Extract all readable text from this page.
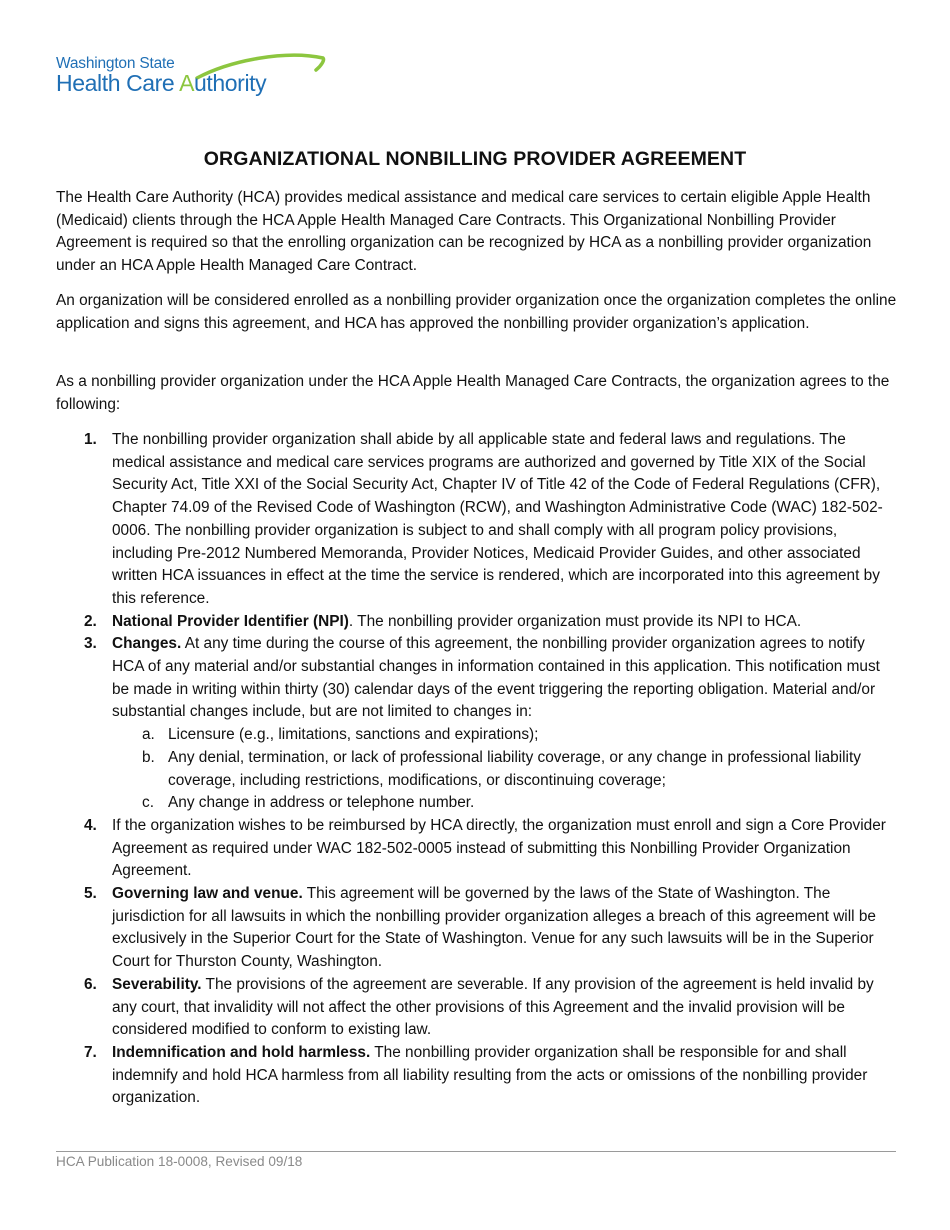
Washington State
Health Care Authority
ORGANIZATIONAL NONBILLING PROVIDER AGREEMENT

The Health Care Authority (HCA) provides medical assistance and medical care services to certain eligible Apple Health (Medicaid) clients through the HCA Apple Health Managed Care Contracts. This Organizational Nonbilling Provider Agreement is required so that the enrolling organization can be recognized by HCA as a nonbilling provider organization under an HCA Apple Health Managed Care Contract.

An organization will be considered enrolled as a nonbilling provider organization once the organization completes the online application and signs this agreement, and HCA has approved the nonbilling provider organization’s application.

As a nonbilling provider organization under the HCA Apple Health Managed Care Contracts, the organization agrees to the following:

1. The nonbilling provider organization shall abide by all applicable state and federal laws and regulations. The medical assistance and medical care services programs are authorized and governed by Title XIX of the Social Security Act, Title XXI of the Social Security Act, Chapter IV of Title 42 of the Code of Federal Regulations (CFR), Chapter 74.09 of the Revised Code of Washington (RCW), and Washington Administrative Code (WAC) 182-502-0006. The nonbilling provider organization is subject to and shall comply with all program policy provisions, including Pre-2012 Numbered Memoranda, Provider Notices, Medicaid Provider Guides, and other associated written HCA issuances in effect at the time the service is rendered, which are incorporated into this agreement by this reference.
2. National Provider Identifier (NPI). The nonbilling provider organization must provide its NPI to HCA.
3. Changes. At any time during the course of this agreement, the nonbilling provider organization agrees to notify HCA of any material and/or substantial changes in information contained in this application. This notification must be made in writing within thirty (30) calendar days of the event triggering the reporting obligation. Material and/or substantial changes include, but are not limited to changes in:
a. Licensure (e.g., limitations, sanctions and expirations);
b. Any denial, termination, or lack of professional liability coverage, or any change in professional liability coverage, including restrictions, modifications, or discontinuing coverage;
c. Any change in address or telephone number.
4. If the organization wishes to be reimbursed by HCA directly, the organization must enroll and sign a Core Provider Agreement as required under WAC 182-502-0005 instead of submitting this Nonbilling Provider Organization Agreement.
5. Governing law and venue. This agreement will be governed by the laws of the State of Washington. The jurisdiction for all lawsuits in which the nonbilling provider organization alleges a breach of this agreement will be exclusively in the Superior Court for the State of Washington. Venue for any such lawsuits will be in the Superior Court for Thurston County, Washington.
6. Severability. The provisions of the agreement are severable. If any provision of the agreement is held invalid by any court, that invalidity will not affect the other provisions of this Agreement and the invalid provision will be considered modified to conform to existing law.
7. Indemnification and hold harmless. The nonbilling provider organization shall be responsible for and shall indemnify and hold HCA harmless from all liability resulting from the acts or omissions of the nonbilling provider organization.
HCA Publication 18-0008, Revised 09/18
